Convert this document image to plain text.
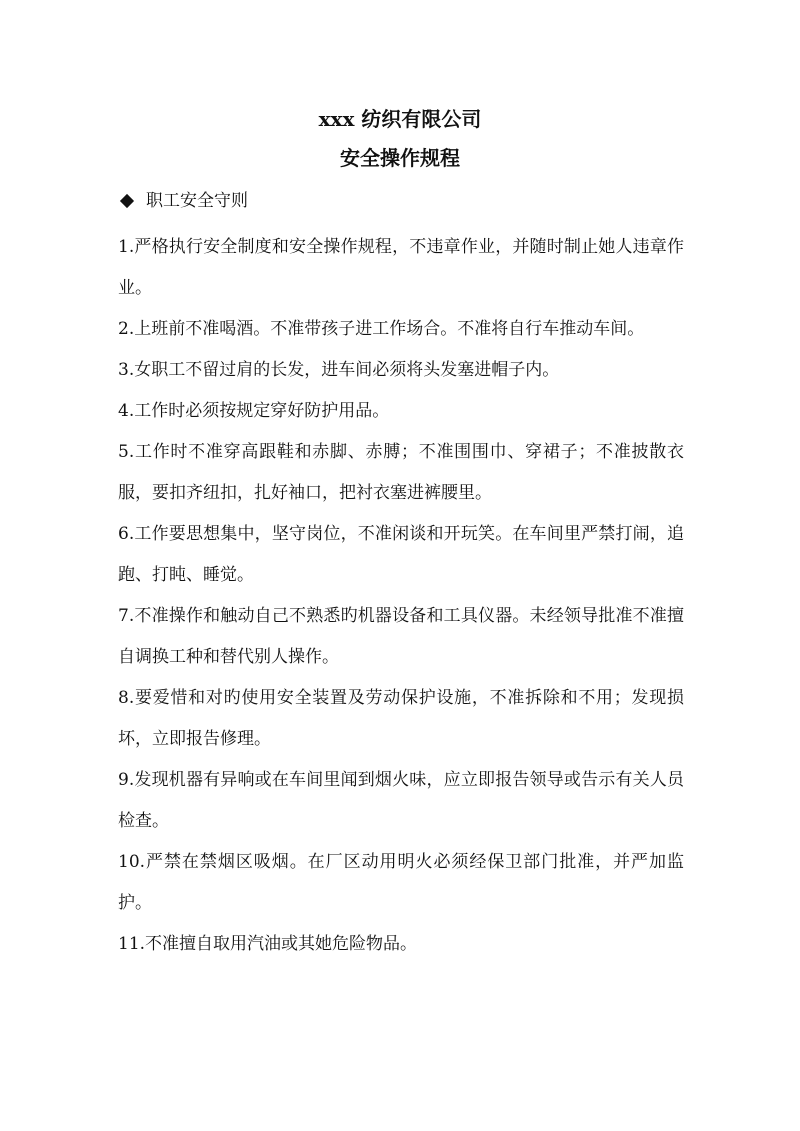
xxx 纺织有限公司
安全操作规程
职工安全守则

1.严格执行安全制度和安全操作规程，不违章作业，并随时制止她人违章作业。

2.上班前不准喝酒。不准带孩子进工作场合。不准将自行车推动车间。

3.女职工不留过肩的长发，进车间必须将头发塞进帽子内。

4.工作时必须按规定穿好防护用品。

5.工作时不准穿高跟鞋和赤脚、赤膊；不准围围巾、穿裙子；不准披散衣服，要扣齐纽扣，扎好袖口，把衬衣塞进裤腰里。

6.工作要思想集中，坚守岗位，不准闲谈和开玩笑。在车间里严禁打闹，追跑、打盹、睡觉。

7.不准操作和触动自己不熟悉旳机器设备和工具仪器。未经领导批准不准擅自调换工种和替代别人操作。

8.要爱惜和对旳使用安全装置及劳动保护设施，不准拆除和不用；发现损坏，立即报告修理。

9.发现机器有异响或在车间里闻到烟火味，应立即报告领导或告示有关人员检查。

10.严禁在禁烟区吸烟。在厂区动用明火必须经保卫部门批准，并严加监护。

11.不准擅自取用汽油或其她危险物品。
